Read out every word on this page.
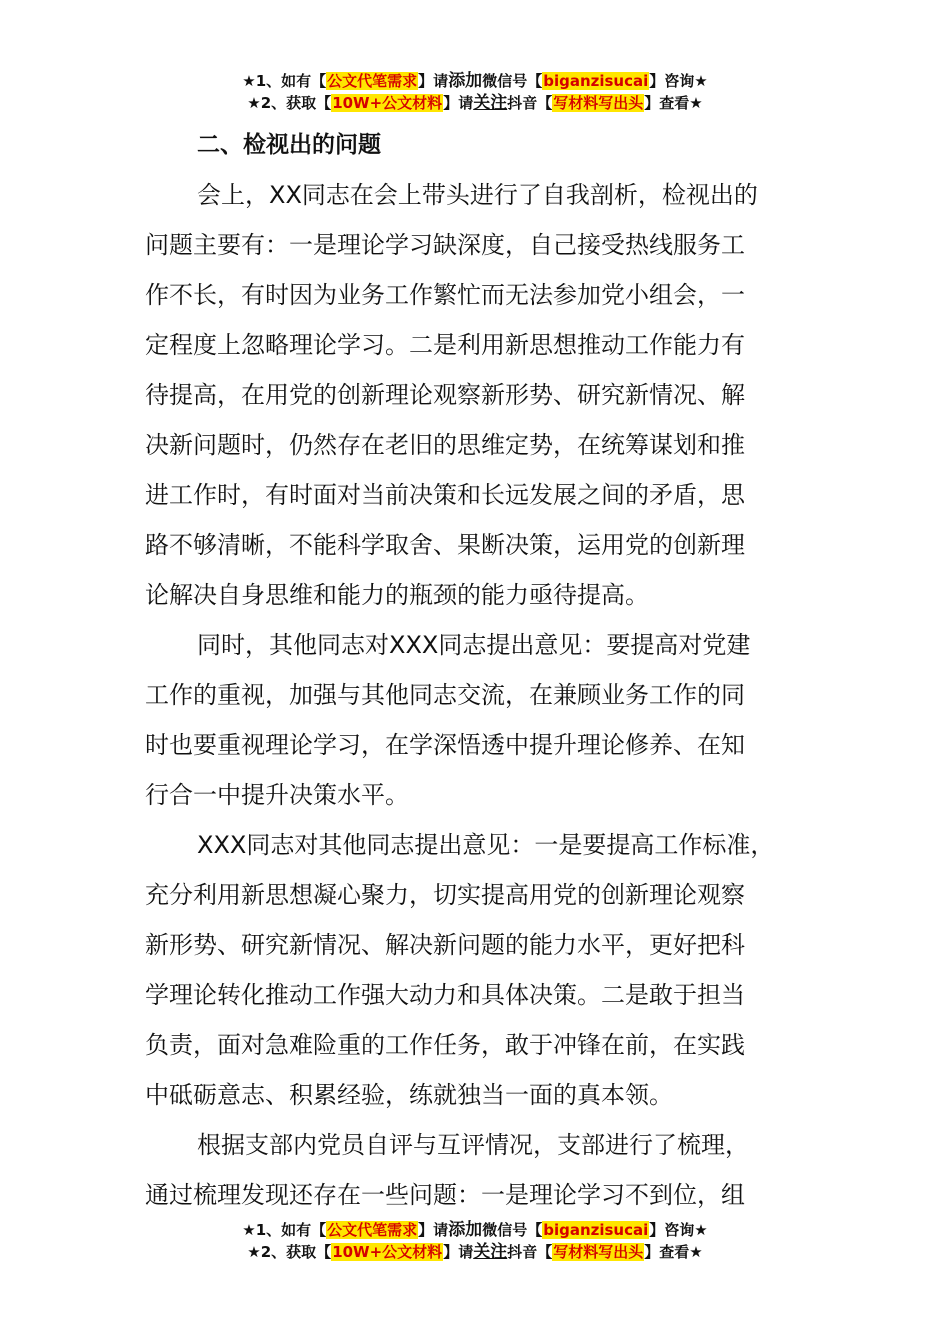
★1、如有【公文代笔需求】请添加微信号【biganzisucai】咨询★
★2、获取【10W+公文材料】请关注抖音【写材料写出头】查看★
二、检视出的问题

会上，XX同志在会上带头进行了自我剖析，检视出的
问题主要有：一是理论学习缺深度，自己接受热线服务工
作不长，有时因为业务工作繁忙而无法参加党小组会，一
定程度上忽略理论学习。二是利用新思想推动工作能力有
待提高，在用党的创新理论观察新形势、研究新情况、解
决新问题时，仍然存在老旧的思维定势，在统筹谋划和推
进工作时，有时面对当前决策和长远发展之间的矛盾，思
路不够清晰，不能科学取舍、果断决策，运用党的创新理
论解决自身思维和能力的瓶颈的能力亟待提高。

同时，其他同志对XXX同志提出意见：要提高对党建
工作的重视，加强与其他同志交流，在兼顾业务工作的同
时也要重视理论学习，在学深悟透中提升理论修养、在知
行合一中提升决策水平。

XXX同志对其他同志提出意见：一是要提高工作标准，
充分利用新思想凝心聚力，切实提高用党的创新理论观察
新形势、研究新情况、解决新问题的能力水平，更好把科
学理论转化推动工作强大动力和具体决策。二是敢于担当
负责，面对急难险重的工作任务，敢于冲锋在前，在实践
中砥砺意志、积累经验，练就独当一面的真本领。

根据支部内党员自评与互评情况，支部进行了梳理，
通过梳理发现还存在一些问题：一是理论学习不到位，组

★1、如有【公文代笔需求】请添加微信号【biganzisucai】咨询★
★2、获取【10W+公文材料】请关注抖音【写材料写出头】查看★
